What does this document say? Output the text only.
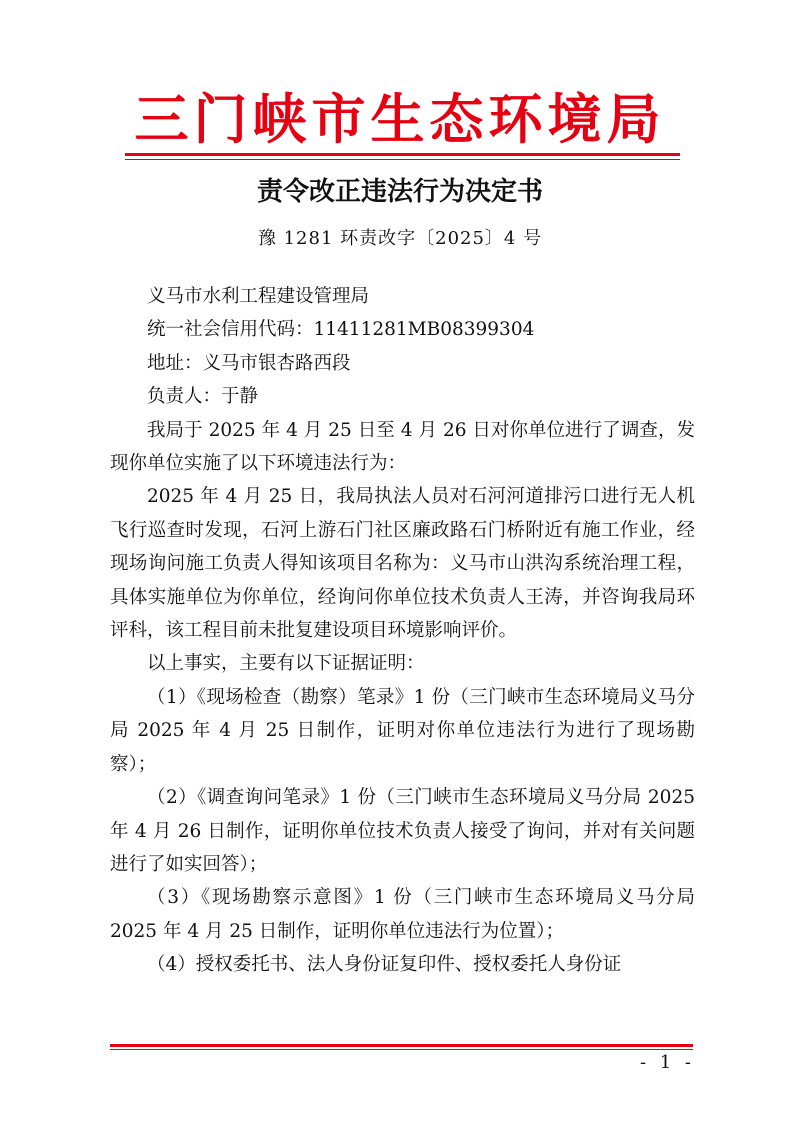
三门峡市生态环境局
责令改正违法行为决定书
豫 1281 环责改字〔2025〕4 号

义马市水利工程建设管理局

统一社会信用代码：11411281MB08399304

地址：义马市银杏路西段

负责人：于静

我局于 2025 年 4 月 25 日至 4 月 26 日对你单位进行了调查，发现你单位实施了以下环境违法行为：

2025 年 4 月 25 日，我局执法人员对石河河道排污口进行无人机飞行巡查时发现，石河上游石门社区廉政路石门桥附近有施工作业，经现场询问施工负责人得知该项目名称为：义马市山洪沟系统治理工程，具体实施单位为你单位，经询问你单位技术负责人王涛，并咨询我局环评科，该工程目前未批复建设项目环境影响评价。

以上事实，主要有以下证据证明：

（1）《现场检查（勘察）笔录》1 份（三门峡市生态环境局义马分局 2025 年 4 月 25 日制作，证明对你单位违法行为进行了现场勘察）；

（2）《调查询问笔录》1 份（三门峡市生态环境局义马分局 2025 年 4 月 26 日制作，证明你单位技术负责人接受了询问，并对有关问题进行了如实回答）；

（3）《现场勘察示意图》1 份（三门峡市生态环境局义马分局 2025 年 4 月 25 日制作，证明你单位违法行为位置）；

（4）授权委托书、法人身份证复印件、授权委托人身份证

- 1 -
